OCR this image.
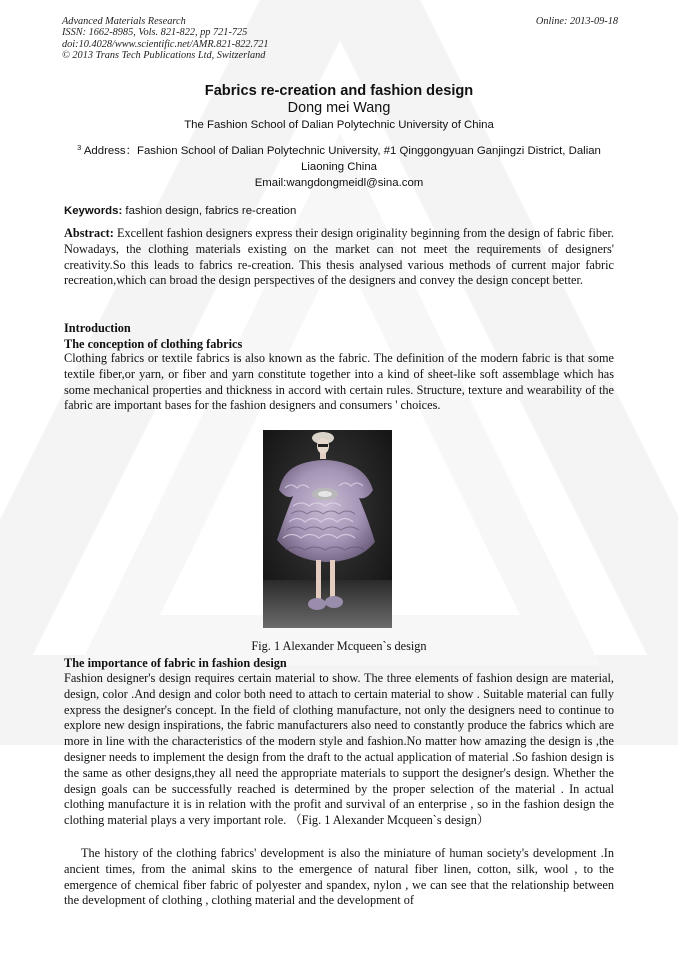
Advanced Materials Research
ISSN: 1662-8985, Vols. 821-822, pp 721-725
doi:10.4028/www.scientific.net/AMR.821-822.721
© 2013 Trans Tech Publications Ltd, Switzerland
Online: 2013-09-18
Fabrics re-creation and fashion design
Dong mei Wang
The Fashion School of Dalian Polytechnic University of China
$^3$ Address：Fashion School of Dalian Polytechnic University, #1 Qinggongyuan Ganjingzi District, Dalian Liaoning China
Email:wangdongmeidl@sina.com
Keywords: fashion design, fabrics re-creation
Abstract: Excellent fashion designers express their design originality beginning from the design of fabric fiber. Nowadays, the clothing materials existing on the market can not meet the requirements of designers' creativity.So this leads to fabrics re-creation. This thesis analysed various methods of current major fabric recreation,which can broad the design perspectives of the designers and convey the design concept better.
Introduction
The conception of clothing fabrics
Clothing fabrics or textile fabrics is also known as the fabric. The definition of the modern fabric is that some textile fiber,or yarn, or fiber and yarn constitute together into a kind of sheet-like soft assemblage which has some mechanical properties and thickness in accord with certain rules. Structure, texture and wearability of the fabric are important bases for the fashion designers and consumers ' choices.
Fig. 1 Alexander Mcqueen`s design
The importance of fabric in fashion design
Fashion designer's design requires certain material to show. The three elements of fashion design are material, design, color .And design and color both need to attach to certain material to show . Suitable material can fully express the designer's concept. In the field of clothing manufacture, not only the designers need to continue to explore new design inspirations, the fabric manufacturers also need to constantly produce the fabrics which are more in line with the characteristics of the modern style and fashion.No matter how amazing the design is ,the designer needs to implement the design from the draft to the actual application of material .So fashion design is the same as other designs,they all need the appropriate materials to support the designer's design. Whether the design goals can be successfully reached is determined by the proper selection of the material . In actual clothing manufacture it is in relation with the profit and survival of an enterprise , so in the fashion design the clothing material plays a very important role. （Fig. 1 Alexander Mcqueen`s design）
The history of the clothing fabrics' development is also the miniature of human society's development .In ancient times, from the animal skins to the emergence of natural fiber linen, cotton, silk, wool , to the emergence of chemical fiber fabric of polyester and spandex, nylon , we can see that the relationship between the development of clothing , clothing material and the development of
